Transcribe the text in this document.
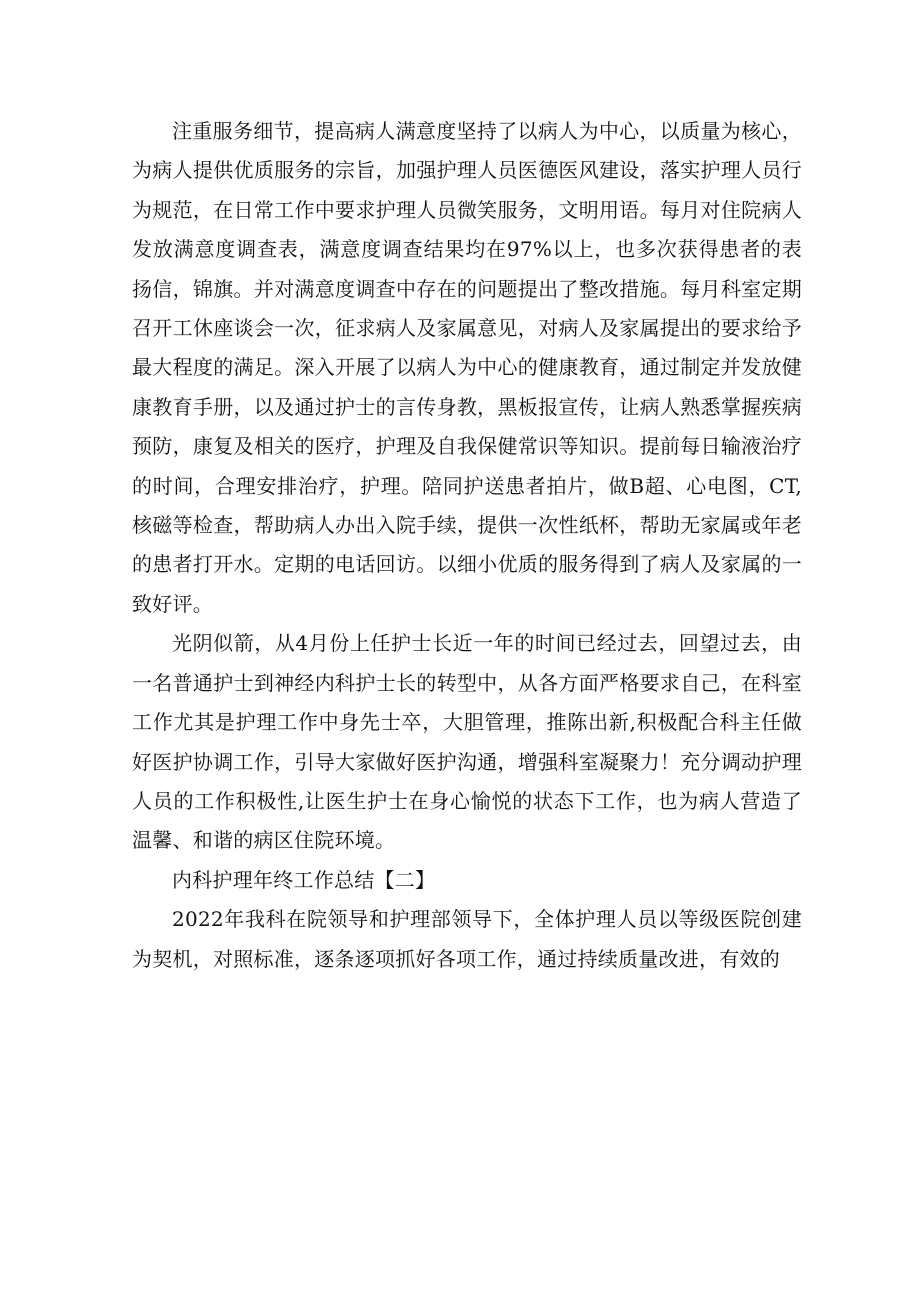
注重服务细节，提高病人满意度坚持了以病人为中心，以质量为核心，为病人提供优质服务的宗旨，加强护理人员医德医风建设，落实护理人员行为规范，在日常工作中要求护理人员微笑服务，文明用语。每月对住院病人发放满意度调查表，满意度调查结果均在97%以上，也多次获得患者的表扬信，锦旗。并对满意度调查中存在的问题提出了整改措施。每月科室定期召开工休座谈会一次，征求病人及家属意见，对病人及家属提出的要求给予最大程度的满足。深入开展了以病人为中心的健康教育，通过制定并发放健康教育手册，以及通过护士的言传身教，黑板报宣传，让病人熟悉掌握疾病预防，康复及相关的医疗，护理及自我保健常识等知识。提前每日输液治疗的时间，合理安排治疗，护理。陪同护送患者拍片，做B超、心电图，CT,核磁等检查，帮助病人办出入院手续，提供一次性纸杯，帮助无家属或年老的患者打开水。定期的电话回访。以细小优质的服务得到了病人及家属的一致好评。

光阴似箭，从4月份上任护士长近一年的时间已经过去，回望过去，由一名普通护士到神经内科护士长的转型中，从各方面严格要求自己，在科室工作尤其是护理工作中身先士卒，大胆管理，推陈出新,积极配合科主任做好医护协调工作，引导大家做好医护沟通，增强科室凝聚力！充分调动护理人员的工作积极性,让医生护士在身心愉悦的状态下工作，也为病人营造了温馨、和谐的病区住院环境。

内科护理年终工作总结【二】

2022年我科在院领导和护理部领导下，全体护理人员以等级医院创建为契机，对照标准，逐条逐项抓好各项工作，通过持续质量改进，有效的
